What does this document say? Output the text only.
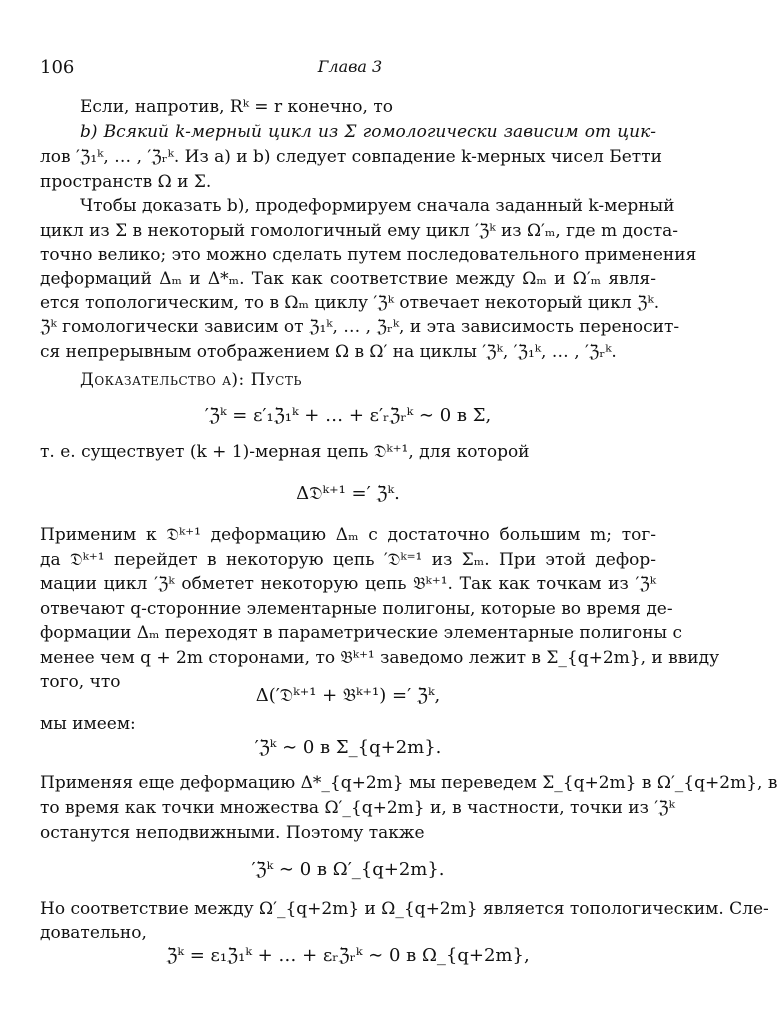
106	Глава 3
Если, напротив, Rᵏ = r конечно, то
b) Всякий k-мерный цикл из Σ гомологически зависим от цик-
лов ′ℨ₁ᵏ, … , ′ℨᵣᵏ. Из a) и b) следует совпадение k-мерных чисел Бетти
пространств Ω и Σ.
Чтобы доказать b), продеформируем сначала заданный k-мерный
цикл из Σ в некоторый гомологичный ему цикл ′ℨᵏ из Ω′ₘ, где m доста-
точно велико; это можно сделать путем последовательного применения
деформаций Δₘ и Δ*ₘ. Так как соответствие между Ωₘ и Ω′ₘ явля-
ется топологическим, то в Ωₘ циклу ′ℨᵏ отвечает некоторый цикл ℨᵏ.
ℨᵏ гомологически зависим от ℨ₁ᵏ, … , ℨᵣᵏ, и эта зависимость переносит-
ся непрерывным отображением Ω в Ω′ на циклы ′ℨᵏ, ′ℨ₁ᵏ, … , ′ℨᵣᵏ.
Доказательство a): Пусть
′ℨᵏ = ε′₁ℨ₁ᵏ + … + ε′ᵣℨᵣᵏ ∼ 0 в Σ,
т. е. существует (k + 1)-мерная цепь 𝔇ᵏ⁺¹, для которой
Δ𝔇ᵏ⁺¹ =′ ℨᵏ.
Применим к 𝔇ᵏ⁺¹ деформацию Δₘ с достаточно большим m; тог-
да 𝔇ᵏ⁺¹ перейдет в некоторую цепь ′𝔇ᵏ⁼¹ из Σₘ. При этой дефор-
мации цикл ′ℨᵏ обметет некоторую цепь 𝔅ᵏ⁺¹. Так как точкам из ′ℨᵏ
отвечают q-сторонние элементарные полигоны, которые во время де-
формации Δₘ переходят в параметрические элементарные полигоны с
менее чем q + 2m сторонами, то 𝔅ᵏ⁺¹ заведомо лежит в Σ_{q+2m}, и ввиду
того, что
Δ(′𝔇ᵏ⁺¹ + 𝔅ᵏ⁺¹) =′ ℨᵏ,
мы имеем:
′ℨᵏ ∼ 0 в Σ_{q+2m}.
Применяя еще деформацию Δ*_{q+2m} мы переведем Σ_{q+2m} в Ω′_{q+2m}, в
то время как точки множества Ω′_{q+2m} и, в частности, точки из ′ℨᵏ
останутся неподвижными. Поэтому также
′ℨᵏ ∼ 0 в Ω′_{q+2m}.
Но соответствие между Ω′_{q+2m} и Ω_{q+2m} является топологическим. Сле-
довательно,
ℨᵏ = ε₁ℨ₁ᵏ + … + εᵣℨᵣᵏ ∼ 0 в Ω_{q+2m},
